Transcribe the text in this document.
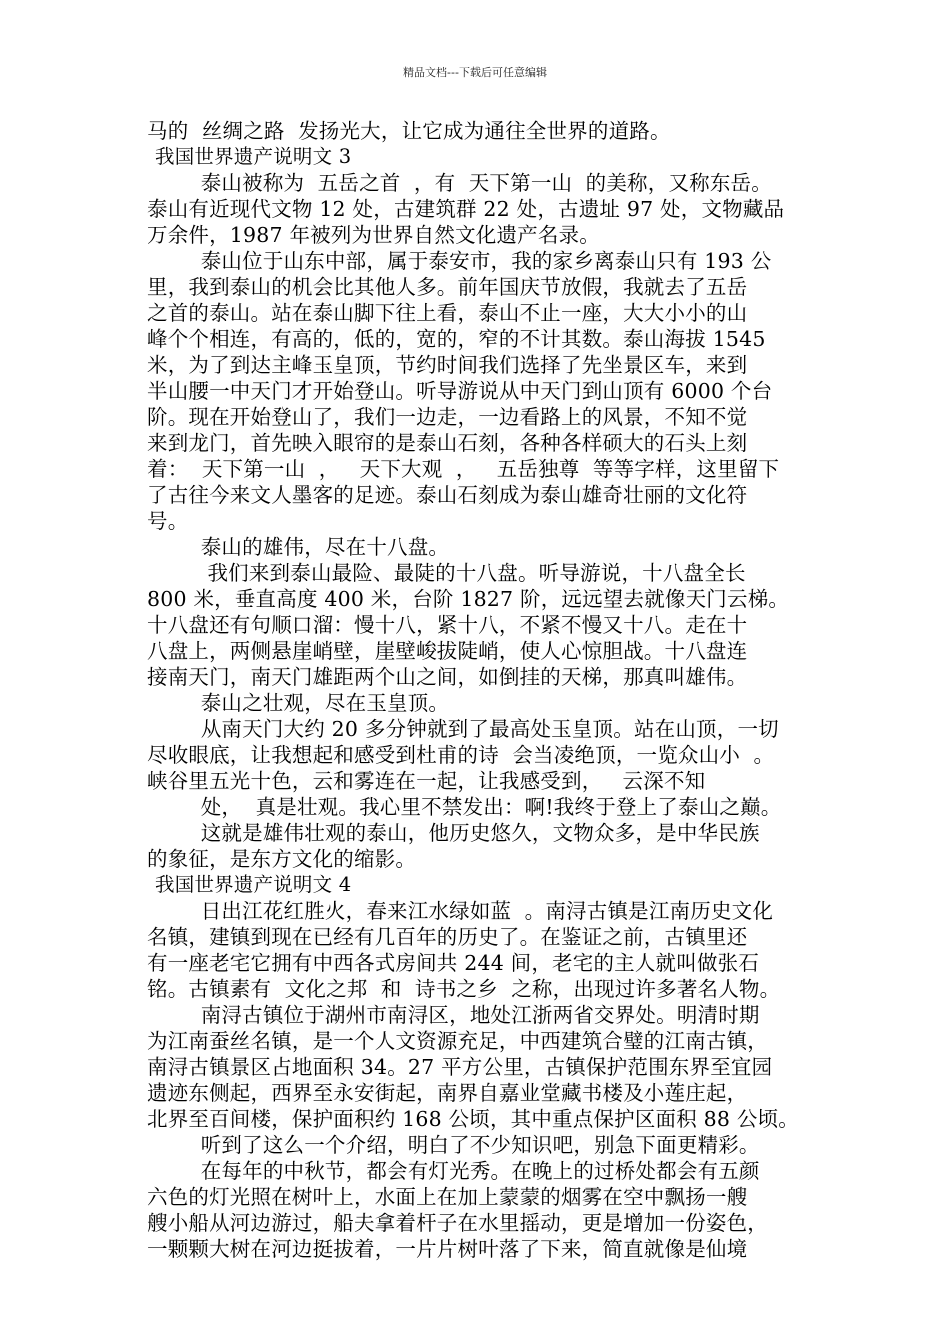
精品文档---下载后可任意编辑
马的  丝绸之路  发扬光大，让它成为通往全世界的道路。
我国世界遗产说明文 3
泰山被称为  五岳之首  ，有  天下第一山  的美称，又称东岳。
泰山有近现代文物 12 处，古建筑群 22 处，古遗址 97 处，文物藏品
万余件，1987 年被列为世界自然文化遗产名录。
泰山位于山东中部，属于泰安市，我的家乡离泰山只有 193 公
里，我到泰山的机会比其他人多。前年国庆节放假，我就去了五岳
之首的泰山。站在泰山脚下往上看，泰山不止一座，大大小小的山
峰个个相连，有高的，低的，宽的，窄的不计其数。泰山海拔 1545
米，为了到达主峰玉皇顶，节约时间我们选择了先坐景区车，来到
半山腰一中天门才开始登山。听导游说从中天门到山顶有 6000 个台
阶。现在开始登山了，我们一边走，一边看路上的风景，不知不觉
来到龙门，首先映入眼帘的是泰山石刻，各种各样硕大的石头上刻
着：  天下第一山  ，   天下大观  ，   五岳独尊  等等字样，这里留下
了古往今来文人墨客的足迹。泰山石刻成为泰山雄奇壮丽的文化符
号。
泰山的雄伟，尽在十八盘。
我们来到泰山最险、最陡的十八盘。听导游说，十八盘全长
800 米，垂直高度 400 米，台阶 1827 阶，远远望去就像天门云梯。
十八盘还有句顺口溜：慢十八，紧十八，不紧不慢又十八。走在十
八盘上，两侧悬崖峭壁，崖壁峻拔陡峭，使人心惊胆战。十八盘连
接南天门，南天门雄距两个山之间，如倒挂的天梯，那真叫雄伟。
泰山之壮观，尽在玉皇顶。
从南天门大约 20 多分钟就到了最高处玉皇顶。站在山顶，一切
尽收眼底，让我想起和感受到杜甫的诗  会当凌绝顶，一览众山小  。
峡谷里五光十色，云和雾连在一起，让我感受到，   云深不知
处，  真是壮观。我心里不禁发出：啊!我终于登上了泰山之巅。
这就是雄伟壮观的泰山，他历史悠久，文物众多，是中华民族
的象征，是东方文化的缩影。
我国世界遗产说明文 4
日出江花红胜火，春来江水绿如蓝  。南浔古镇是江南历史文化
名镇，建镇到现在已经有几百年的历史了。在鉴证之前，古镇里还
有一座老宅它拥有中西各式房间共 244 间，老宅的主人就叫做张石
铭。古镇素有  文化之邦  和  诗书之乡  之称，出现过许多著名人物。
南浔古镇位于湖州市南浔区，地处江浙两省交界处。明清时期
为江南蚕丝名镇，是一个人文资源充足，中西建筑合璧的江南古镇，
南浔古镇景区占地面积 34。27 平方公里，古镇保护范围东界至宜园
遗迹东侧起，西界至永安街起，南界自嘉业堂藏书楼及小莲庄起，
北界至百间楼，保护面积约 168 公顷，其中重点保护区面积 88 公顷。
听到了这么一个介绍，明白了不少知识吧，别急下面更精彩。
在每年的中秋节，都会有灯光秀。在晚上的过桥处都会有五颜
六色的灯光照在树叶上，水面上在加上蒙蒙的烟雾在空中飘扬一艘
艘小船从河边游过，船夫拿着杆子在水里摇动，更是增加一份姿色，
一颗颗大树在河边挺拔着，一片片树叶落了下来，简直就像是仙境
